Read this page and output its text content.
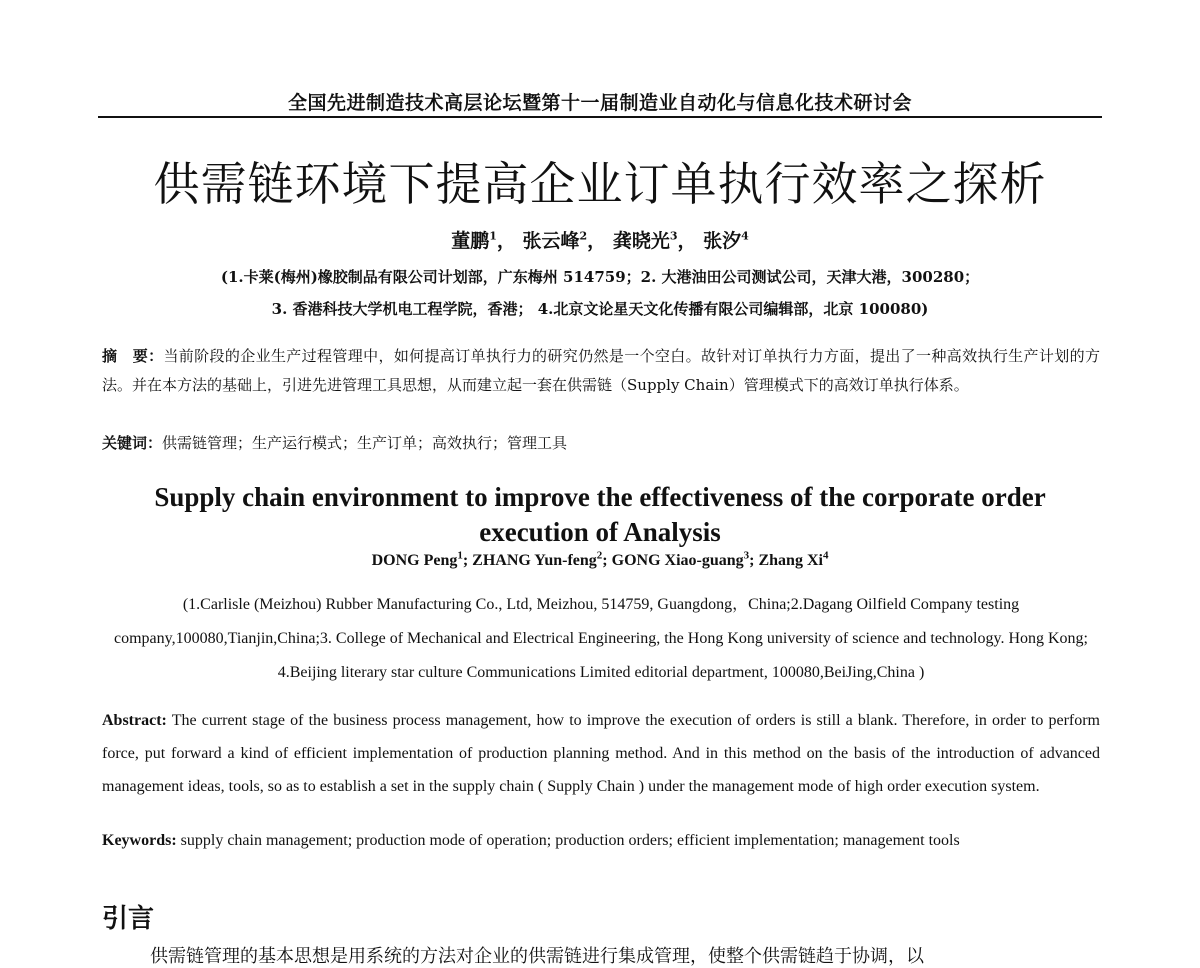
全国先进制造技术高层论坛暨第十一届制造业自动化与信息化技术研讨会
供需链环境下提高企业订单执行效率之探析
董鹏$^1$， 张云峰$^2$， 龚晓光$^3$， 张汐$^4$
(1.卡莱(梅州)橡胶制品有限公司计划部，广东梅州 514759；2. 大港油田公司测试公司，天津大港，300280；
3. 香港科技大学机电工程学院，香港； 4.北京文论星天文化传播有限公司编辑部，北京 100080)
摘　要：当前阶段的企业生产过程管理中，如何提高订单执行力的研究仍然是一个空白。故针对订单执行力方面，提出了一种高效执行生产计划的方法。并在本方法的基础上，引进先进管理工具思想，从而建立起一套在供需链（Supply Chain）管理模式下的高效订单执行体系。
关键词：供需链管理；生产运行模式；生产订单；高效执行；管理工具
Supply chain environment to improve the effectiveness of the corporate order execution of Analysis
DONG Peng$^1$; ZHANG Yun-feng$^2$; GONG Xiao-guang$^3$; Zhang Xi$^4$
(1.Carlisle (Meizhou) Rubber Manufacturing Co., Ltd, Meizhou, 514759, Guangdong，China;2.Dagang Oilfield Company testing company,100080,Tianjin,China;3. College of Mechanical and Electrical Engineering, the Hong Kong university of science and technology. Hong Kong; 4.Beijing literary star culture Communications Limited editorial department, 100080,BeiJing,China )
Abstract: The current stage of the business process management, how to improve the execution of orders is still a blank. Therefore, in order to perform force, put forward a kind of efficient implementation of production planning method. And in this method on the basis of the introduction of advanced management ideas, tools, so as to establish a set in the supply chain ( Supply Chain ) under the management mode of high order execution system.
Keywords: supply chain management; production mode of operation; production orders; efficient implementation; management tools
引言
供需链管理的基本思想是用系统的方法对企业的供需链进行集成管理，使整个供需链趋于协调，以
